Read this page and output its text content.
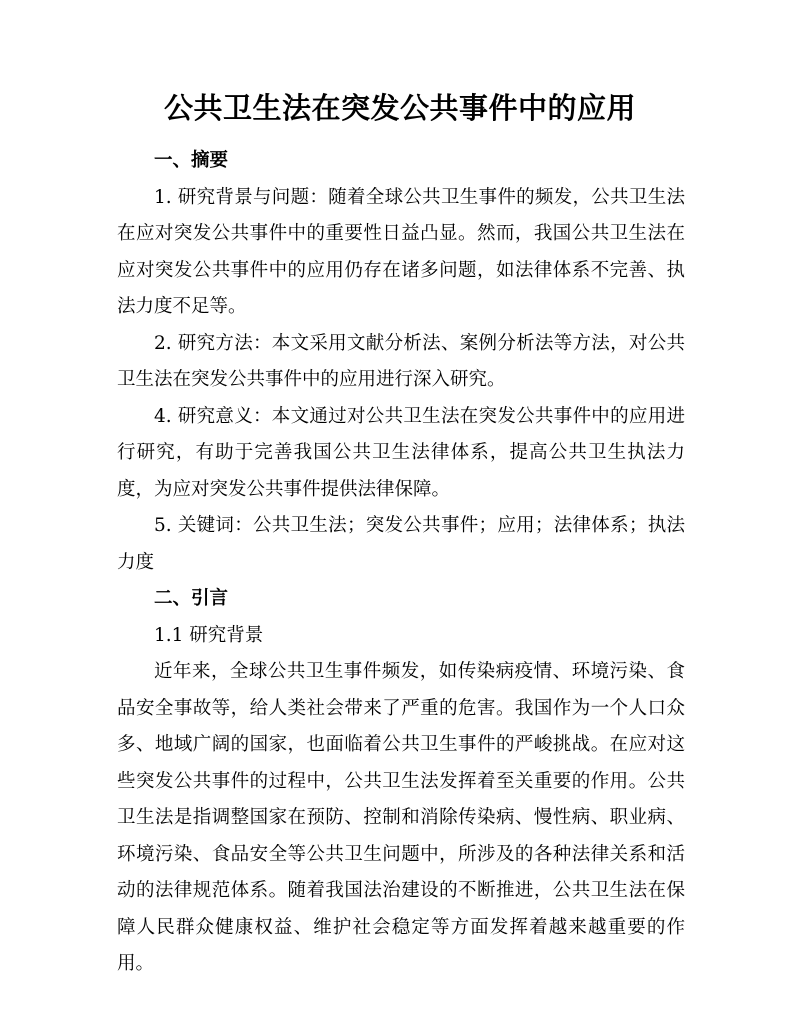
公共卫生法在突发公共事件中的应用

一、摘要

1. 研究背景与问题：随着全球公共卫生事件的频发，公共卫生法在应对突发公共事件中的重要性日益凸显。然而，我国公共卫生法在应对突发公共事件中的应用仍存在诸多问题，如法律体系不完善、执法力度不足等。

2. 研究方法：本文采用文献分析法、案例分析法等方法，对公共卫生法在突发公共事件中的应用进行深入研究。

4. 研究意义：本文通过对公共卫生法在突发公共事件中的应用进行研究，有助于完善我国公共卫生法律体系，提高公共卫生执法力度，为应对突发公共事件提供法律保障。

5. 关键词：公共卫生法；突发公共事件；应用；法律体系；执法力度

二、引言

1.1 研究背景

近年来，全球公共卫生事件频发，如传染病疫情、环境污染、食品安全事故等，给人类社会带来了严重的危害。我国作为一个人口众多、地域广阔的国家，也面临着公共卫生事件的严峻挑战。在应对这些突发公共事件的过程中，公共卫生法发挥着至关重要的作用。公共卫生法是指调整国家在预防、控制和消除传染病、慢性病、职业病、环境污染、食品安全等公共卫生问题中，所涉及的各种法律关系和活动的法律规范体系。随着我国法治建设的不断推进，公共卫生法在保障人民群众健康权益、维护社会稳定等方面发挥着越来越重要的作用。
